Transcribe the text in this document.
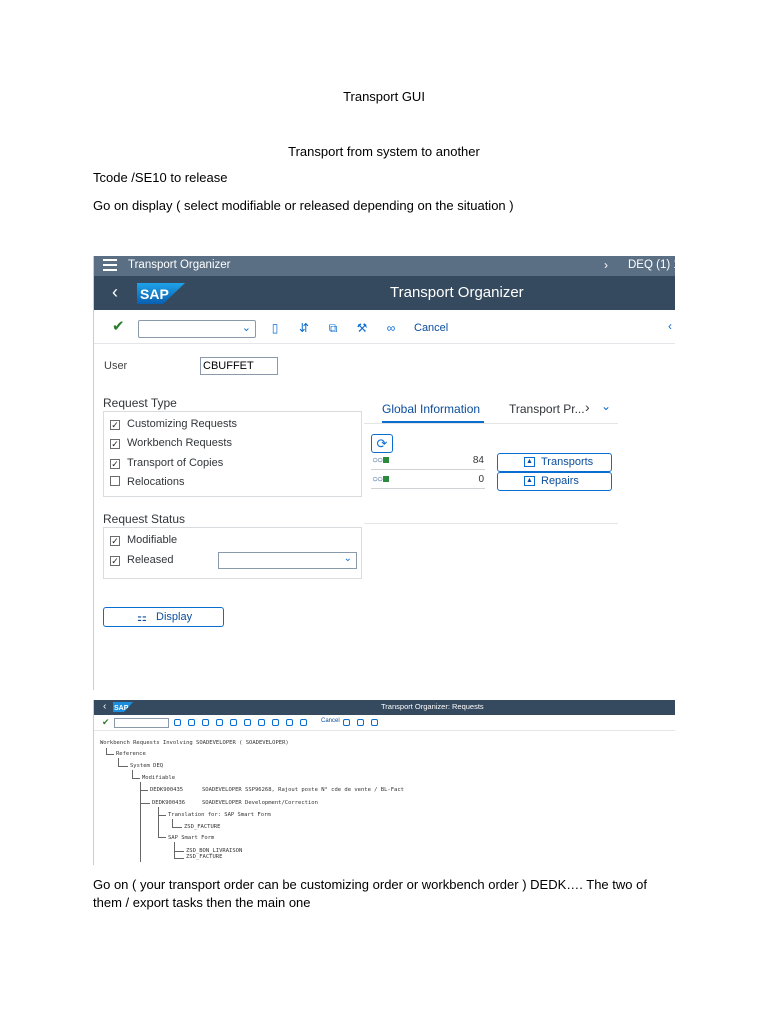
Transport GUI
Transport from system to another
Tcode /SE10 to release
Go on display ( select modifiable or released depending on the situation )
Transport Organizer	› DEQ (1) 1
‹ SAP	Transport Organizer
✔	⌄	▯	⇵ ⧉ ⚒ ∞ Cancel	‹
User	CBUFFET
Request Type
✓ Customizing Requests
✓ Workbench Requests
✓ Transport of Copies
Relocations
Request Status
✓ Modifiable
✓ Released	⌄
Global Information Transport Pr... › ⌄
⟳
○○	84	▲ Transports
○○	0	▲ Repairs
⚏ Display
‹ SAP	Transport Organizer: Requests
✔	Cancel
Workbench Requests Involving SOADEVELOPER ( SOADEVELOPER)
Reference
System DEQ
Modifiable
DEDK900435	SOADEVELOPER SSP96268, Rajout poste N° cde de vente / BL-Fact
DEDK900436	SOADEVELOPER Development/Correction
Translation for: SAP Smart Form
ZSD_FACTURE
SAP Smart Form
ZSD_BON_LIVRAISON
ZSD_FACTURE
Go on ( your transport order can be customizing order or workbench order ) DEDK…. The two of
them / export tasks then the main one
